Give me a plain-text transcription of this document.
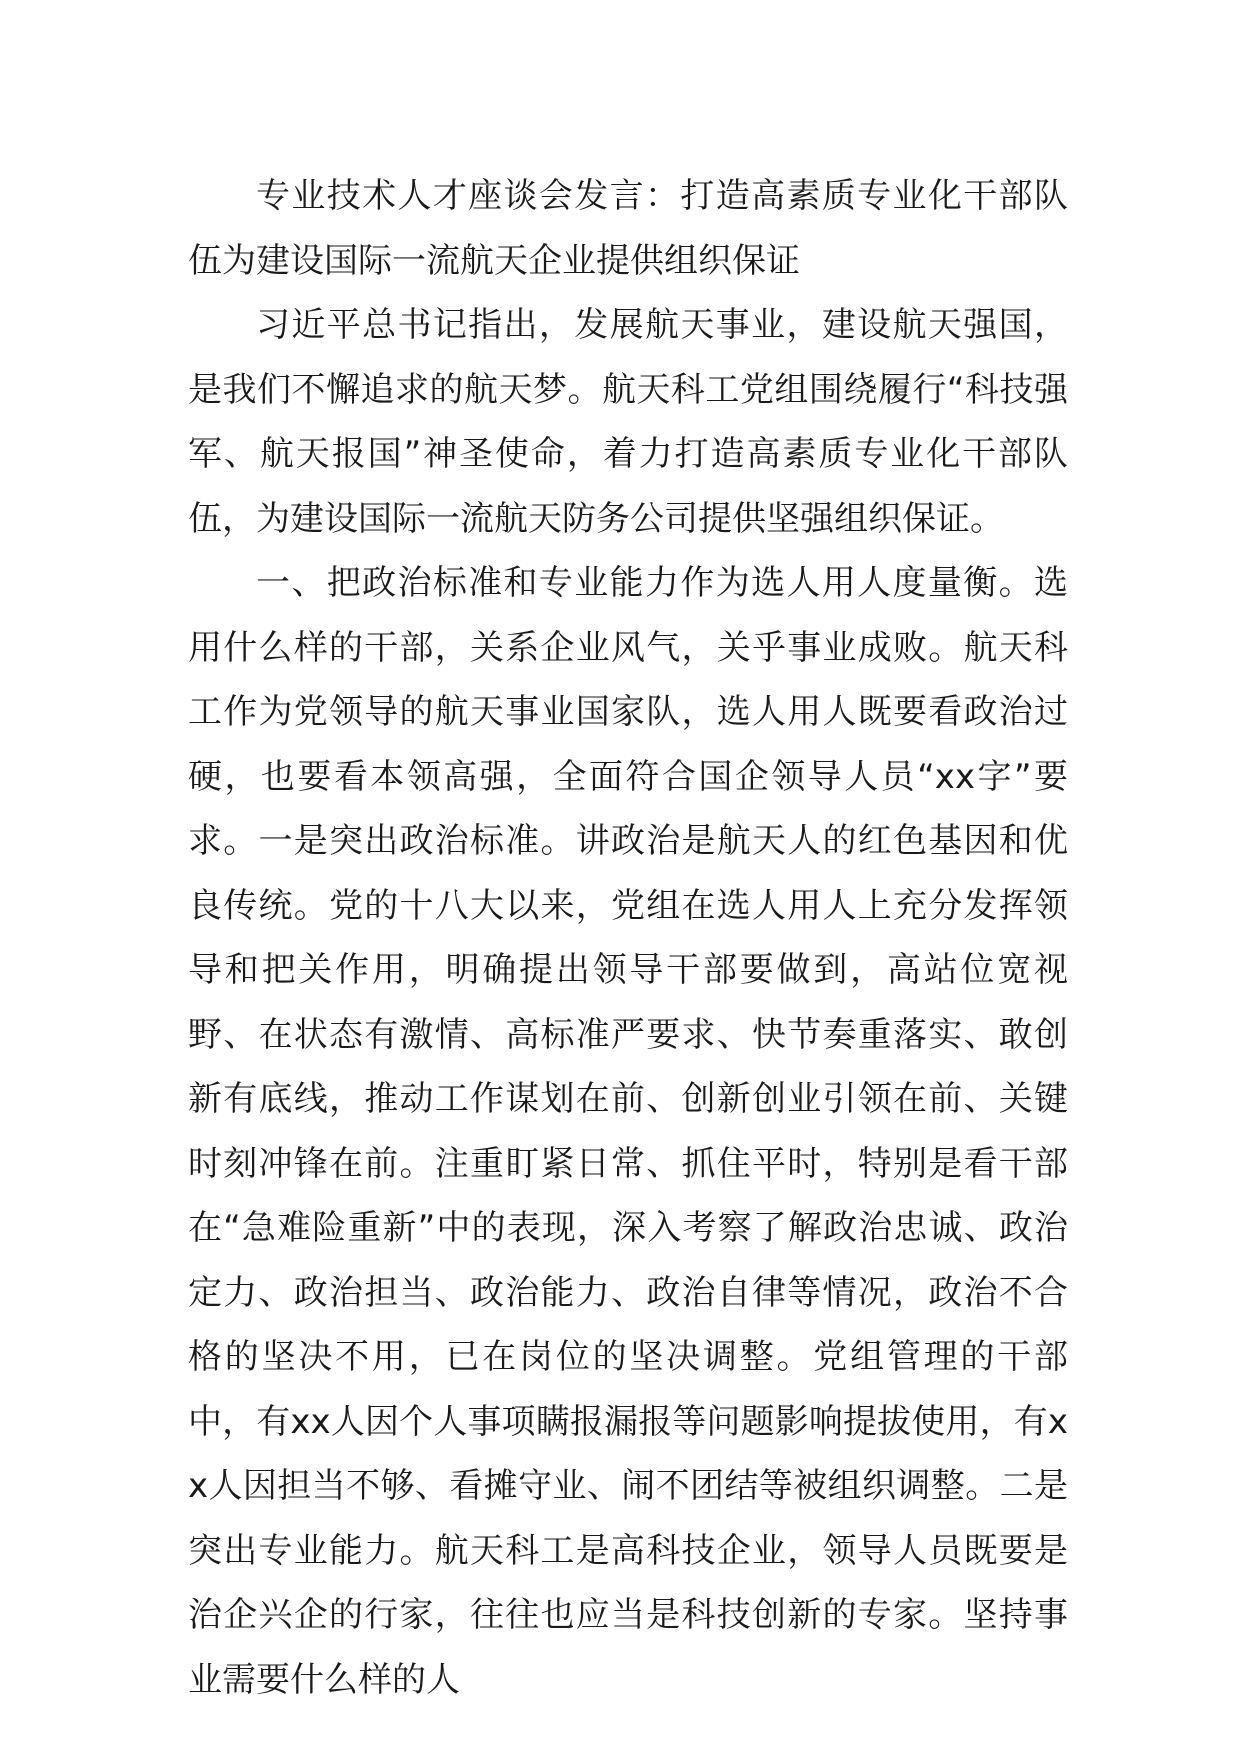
专业技术人才座谈会发言：打造高素质专业化干部队伍为建设国际一流航天企业提供组织保证

习近平总书记指出，发展航天事业，建设航天强国，是我们不懈追求的航天梦。航天科工党组围绕履行“科技强军、航天报国”神圣使命，着力打造高素质专业化干部队伍，为建设国际一流航天防务公司提供坚强组织保证。

一、把政治标准和专业能力作为选人用人度量衡。选用什么样的干部，关系企业风气，关乎事业成败。航天科工作为党领导的航天事业国家队，选人用人既要看政治过硬，也要看本领高强，全面符合国企领导人员“xx字”要求。一是突出政治标准。讲政治是航天人的红色基因和优良传统。党的十八大以来，党组在选人用人上充分发挥领导和把关作用，明确提出领导干部要做到，高站位宽视野、在状态有激情、高标准严要求、快节奏重落实、敢创新有底线，推动工作谋划在前、创新创业引领在前、关键时刻冲锋在前。注重盯紧日常、抓住平时，特别是看干部在“急难险重新”中的表现，深入考察了解政治忠诚、政治定力、政治担当、政治能力、政治自律等情况，政治不合格的坚决不用，已在岗位的坚决调整。党组管理的干部中，有xx人因个人事项瞒报漏报等问题影响提拔使用，有xx人因担当不够、看摊守业、闹不团结等被组织调整。二是突出专业能力。航天科工是高科技企业，领导人员既要是治企兴企的行家，往往也应当是科技创新的专家。坚持事业需要什么样的人
